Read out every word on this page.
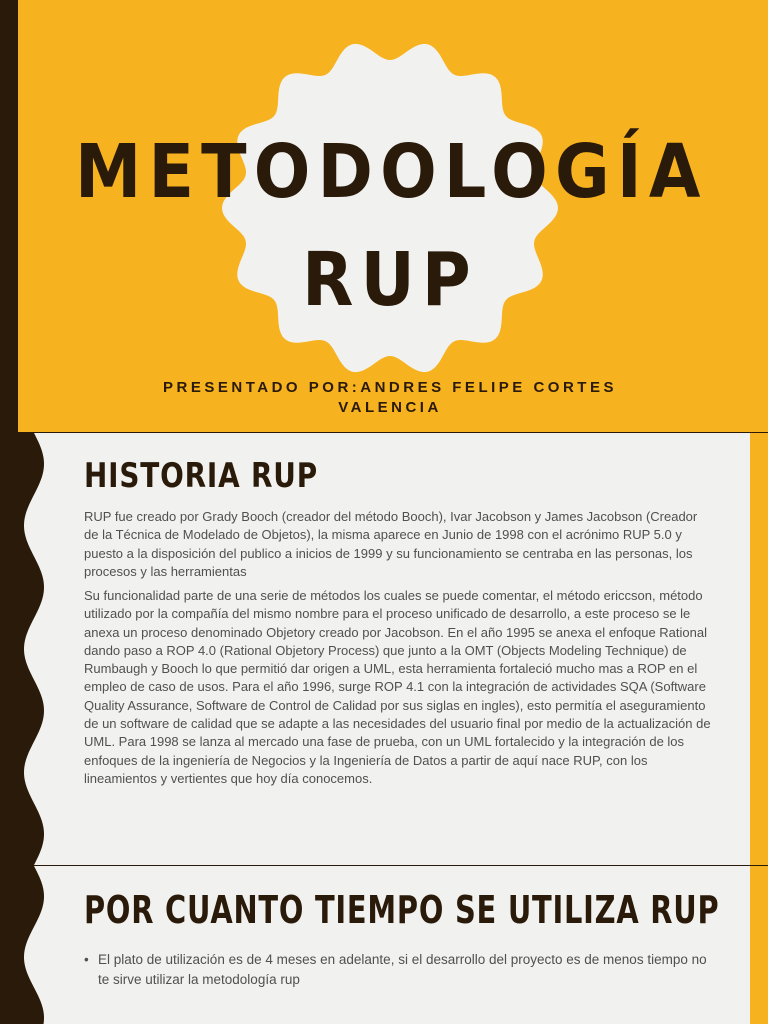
METODOLOGÍA
RUP

PRESENTADO POR:ANDRES FELIPE CORTES
VALENCIA

HISTORIA RUP

RUP fue creado por Grady Booch (creador del método Booch), Ivar Jacobson y James Jacobson (Creador de la Técnica de Modelado de Objetos), la misma aparece en Junio de 1998 con el acrónimo RUP 5.0 y puesto a la disposición del publico a inicios de 1999 y su funcionamiento se centraba en las personas, los procesos y las herramientas

Su funcionalidad parte de una serie de métodos los cuales se puede comentar, el método ericcson, método utilizado por la compañía del mismo nombre para el proceso unificado de desarrollo, a este proceso se le anexa un proceso denominado Objetory creado por Jacobson. En el año 1995 se anexa el enfoque Rational dando paso a ROP 4.0 (Rational Objetory Process) que junto a la OMT (Objects Modeling Technique) de Rumbaugh y Booch lo que permitió dar origen a UML, esta herramienta fortaleció mucho mas a ROP en el empleo de caso de usos. Para el año 1996, surge ROP 4.1 con la integración de actividades SQA (Software Quality Assurance, Software de Control de Calidad por sus siglas en ingles), esto permitía el aseguramiento de un software de calidad que se adapte a las necesidades del usuario final por medio de la actualización de UML. Para 1998 se lanza al mercado una fase de prueba, con un UML fortalecido y la integración de los enfoques de la ingeniería de Negocios y la Ingeniería de Datos a partir de aquí nace RUP, con los lineamientos y vertientes que hoy día conocemos.

POR CUANTO TIEMPO SE UTILIZA RUP

• El plato de utilización es de 4 meses en adelante, si el desarrollo del proyecto es de menos tiempo no te sirve utilizar la metodología rup
